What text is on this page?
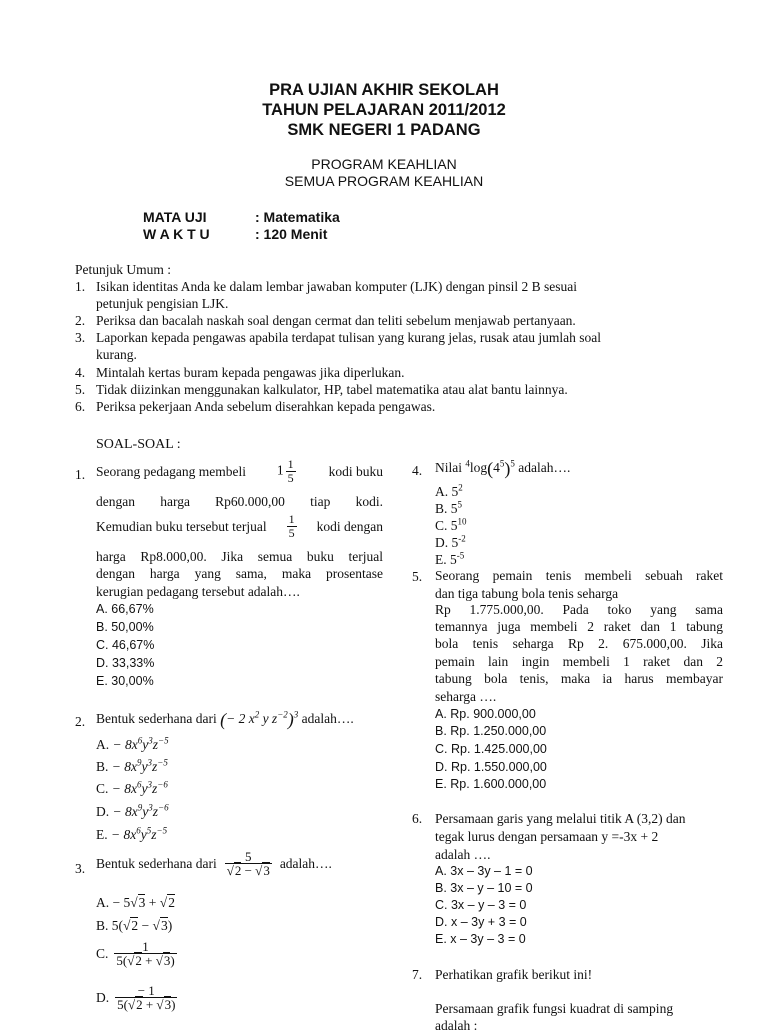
PRA UJIAN AKHIR SEKOLAH
TAHUN PELAJARAN 2011/2012
SMK NEGERI 1 PADANG
PROGRAM KEAHLIAN
SEMUA PROGRAM KEAHLIAN
MATA UJI	: Matematika
W A K T U	: 120 Menit
Petunjuk Umum :
1. Isikan identitas Anda ke dalam lembar jawaban komputer (LJK) dengan pinsil 2 B sesuai
petunjuk pengisian LJK.
2. Periksa dan bacalah naskah soal dengan cermat dan teliti sebelum menjawab pertanyaan.
3. Laporkan kepada pengawas apabila terdapat tulisan yang kurang jelas, rusak atau jumlah soal
kurang.
4. Mintalah kertas buram kepada pengawas jika diperlukan.
5. Tidak diizinkan menggunakan kalkulator, HP, tabel matematika atau alat bantu lainnya.
6. Periksa pekerjaan Anda sebelum diserahkan kepada pengawas.
SOAL-SOAL :
1. Seorang pedagang membeli $1 \frac{1}{5}$ kodi buku
dengan harga Rp60.000,00 tiap kodi.
Kemudian buku tersebut terjual $\frac{1}{5}$ kodi dengan
harga Rp8.000,00. Jika semua buku terjual
dengan harga yang sama, maka prosentase
kerugian pedagang tersebut adalah….
A. 66,67%
B. 50,00%
C. 46,67%
D. 33,33%
E. 30,00%
2. Bentuk sederhana dari (− 2 $x^2$ y $z^{-2})^3$ adalah….
A. − $8x^6y^3z^{-5}$
B. − $8x^9y^3z^{-5}$
C. − $8x^6y^3z^{-6}$
D. − $8x^9y^3z^{-6}$
E. − $8x^6y^5z^{-5}$
3. Bentuk sederhana dari $\frac{5}{√2 - √3}$ adalah….
A. − 5√3 + √2
B. 5(√2 − √3)
C. $\frac{1}{5(√2 + √3)}$
D. $\frac{- 1}{5(√2 + √3)}$
4. Nilai $^4\log(4^5)^5$ adalah….
A. $5^2$
B. $5^5$
C. $5^{10}$
D. $5^{-2}$
E. $5^{-5}$
5. Seorang pemain tenis membeli sebuah raket
dan tiga tabung bola tenis seharga
Rp 1.775.000,00. Pada toko yang sama
temannya juga membeli 2 raket dan 1 tabung
bola tenis seharga Rp 2. 675.000,00. Jika
pemain lain ingin membeli 1 raket dan 2
tabung bola tenis, maka ia harus membayar
seharga ….
A. Rp. 900.000,00
B. Rp. 1.250.000,00
C. Rp. 1.425.000,00
D. Rp. 1.550.000,00
E. Rp. 1.600.000,00
6. Persamaan garis yang melalui titik A (3,2) dan
tegak lurus dengan persamaan y =-3x + 2
adalah ….
A. 3x – 3y – 1 = 0
B. 3x – y – 10 = 0
C. 3x – y – 3 = 0
D. x – 3y + 3 = 0
E. x – 3y – 3 = 0
7. Perhatikan grafik berikut ini!
Persamaan grafik fungsi kuadrat di samping
adalah :
